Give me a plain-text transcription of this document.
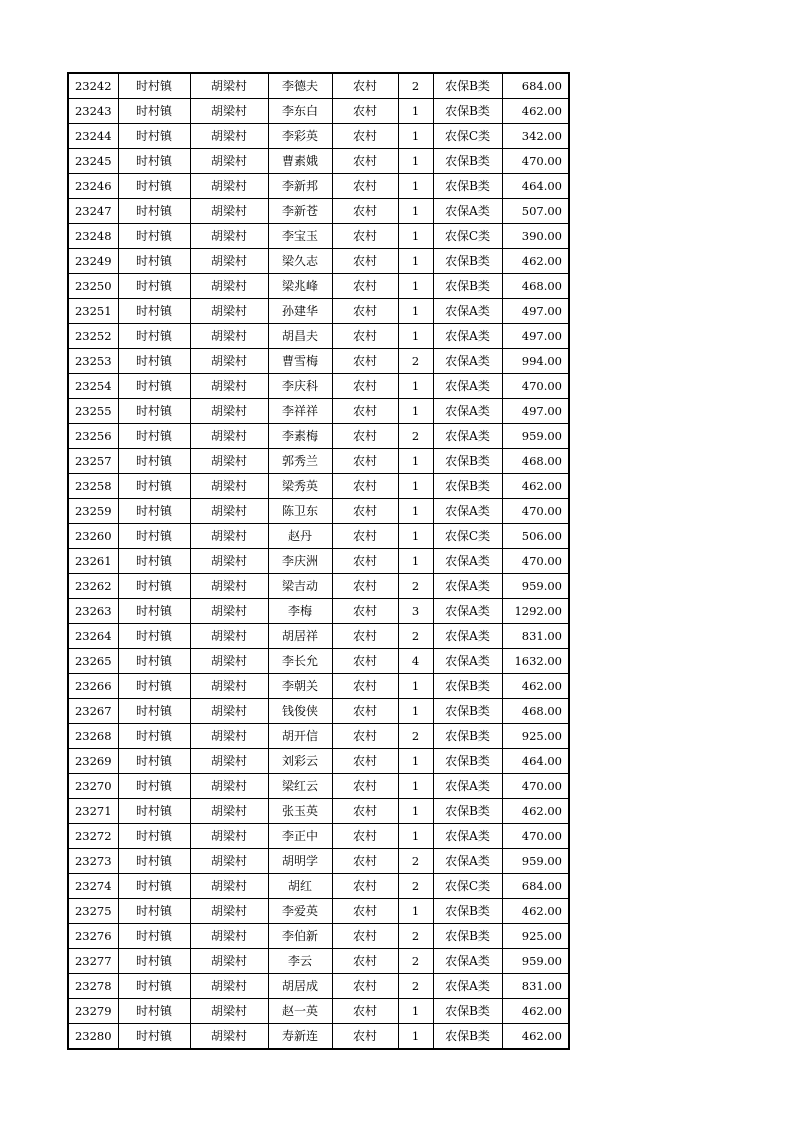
23242	时村镇	胡梁村	李德夫	农村	2	农保B类	684.00
23243	时村镇	胡梁村	李东白	农村	1	农保B类	462.00
23244	时村镇	胡梁村	李彩英	农村	1	农保C类	342.00
23245	时村镇	胡梁村	曹素娥	农村	1	农保B类	470.00
23246	时村镇	胡梁村	李新邦	农村	1	农保B类	464.00
23247	时村镇	胡梁村	李新苍	农村	1	农保A类	507.00
23248	时村镇	胡梁村	李宝玉	农村	1	农保C类	390.00
23249	时村镇	胡梁村	梁久志	农村	1	农保B类	462.00
23250	时村镇	胡梁村	梁兆峰	农村	1	农保B类	468.00
23251	时村镇	胡梁村	孙建华	农村	1	农保A类	497.00
23252	时村镇	胡梁村	胡昌夫	农村	1	农保A类	497.00
23253	时村镇	胡梁村	曹雪梅	农村	2	农保A类	994.00
23254	时村镇	胡梁村	李庆科	农村	1	农保A类	470.00
23255	时村镇	胡梁村	李祥祥	农村	1	农保A类	497.00
23256	时村镇	胡梁村	李素梅	农村	2	农保A类	959.00
23257	时村镇	胡梁村	郭秀兰	农村	1	农保B类	468.00
23258	时村镇	胡梁村	梁秀英	农村	1	农保B类	462.00
23259	时村镇	胡梁村	陈卫东	农村	1	农保A类	470.00
23260	时村镇	胡梁村	赵丹	农村	1	农保C类	506.00
23261	时村镇	胡梁村	李庆洲	农村	1	农保A类	470.00
23262	时村镇	胡梁村	梁吉动	农村	2	农保A类	959.00
23263	时村镇	胡梁村	李梅	农村	3	农保A类	1292.00
23264	时村镇	胡梁村	胡居祥	农村	2	农保A类	831.00
23265	时村镇	胡梁村	李长允	农村	4	农保A类	1632.00
23266	时村镇	胡梁村	李朝关	农村	1	农保B类	462.00
23267	时村镇	胡梁村	钱俊侠	农村	1	农保B类	468.00
23268	时村镇	胡梁村	胡开信	农村	2	农保B类	925.00
23269	时村镇	胡梁村	刘彩云	农村	1	农保B类	464.00
23270	时村镇	胡梁村	梁红云	农村	1	农保A类	470.00
23271	时村镇	胡梁村	张玉英	农村	1	农保B类	462.00
23272	时村镇	胡梁村	李正中	农村	1	农保A类	470.00
23273	时村镇	胡梁村	胡明学	农村	2	农保A类	959.00
23274	时村镇	胡梁村	胡红	农村	2	农保C类	684.00
23275	时村镇	胡梁村	李爱英	农村	1	农保B类	462.00
23276	时村镇	胡梁村	李伯新	农村	2	农保B类	925.00
23277	时村镇	胡梁村	李云	农村	2	农保A类	959.00
23278	时村镇	胡梁村	胡居成	农村	2	农保A类	831.00
23279	时村镇	胡梁村	赵一英	农村	1	农保B类	462.00
23280	时村镇	胡梁村	寿新连	农村	1	农保B类	462.00
